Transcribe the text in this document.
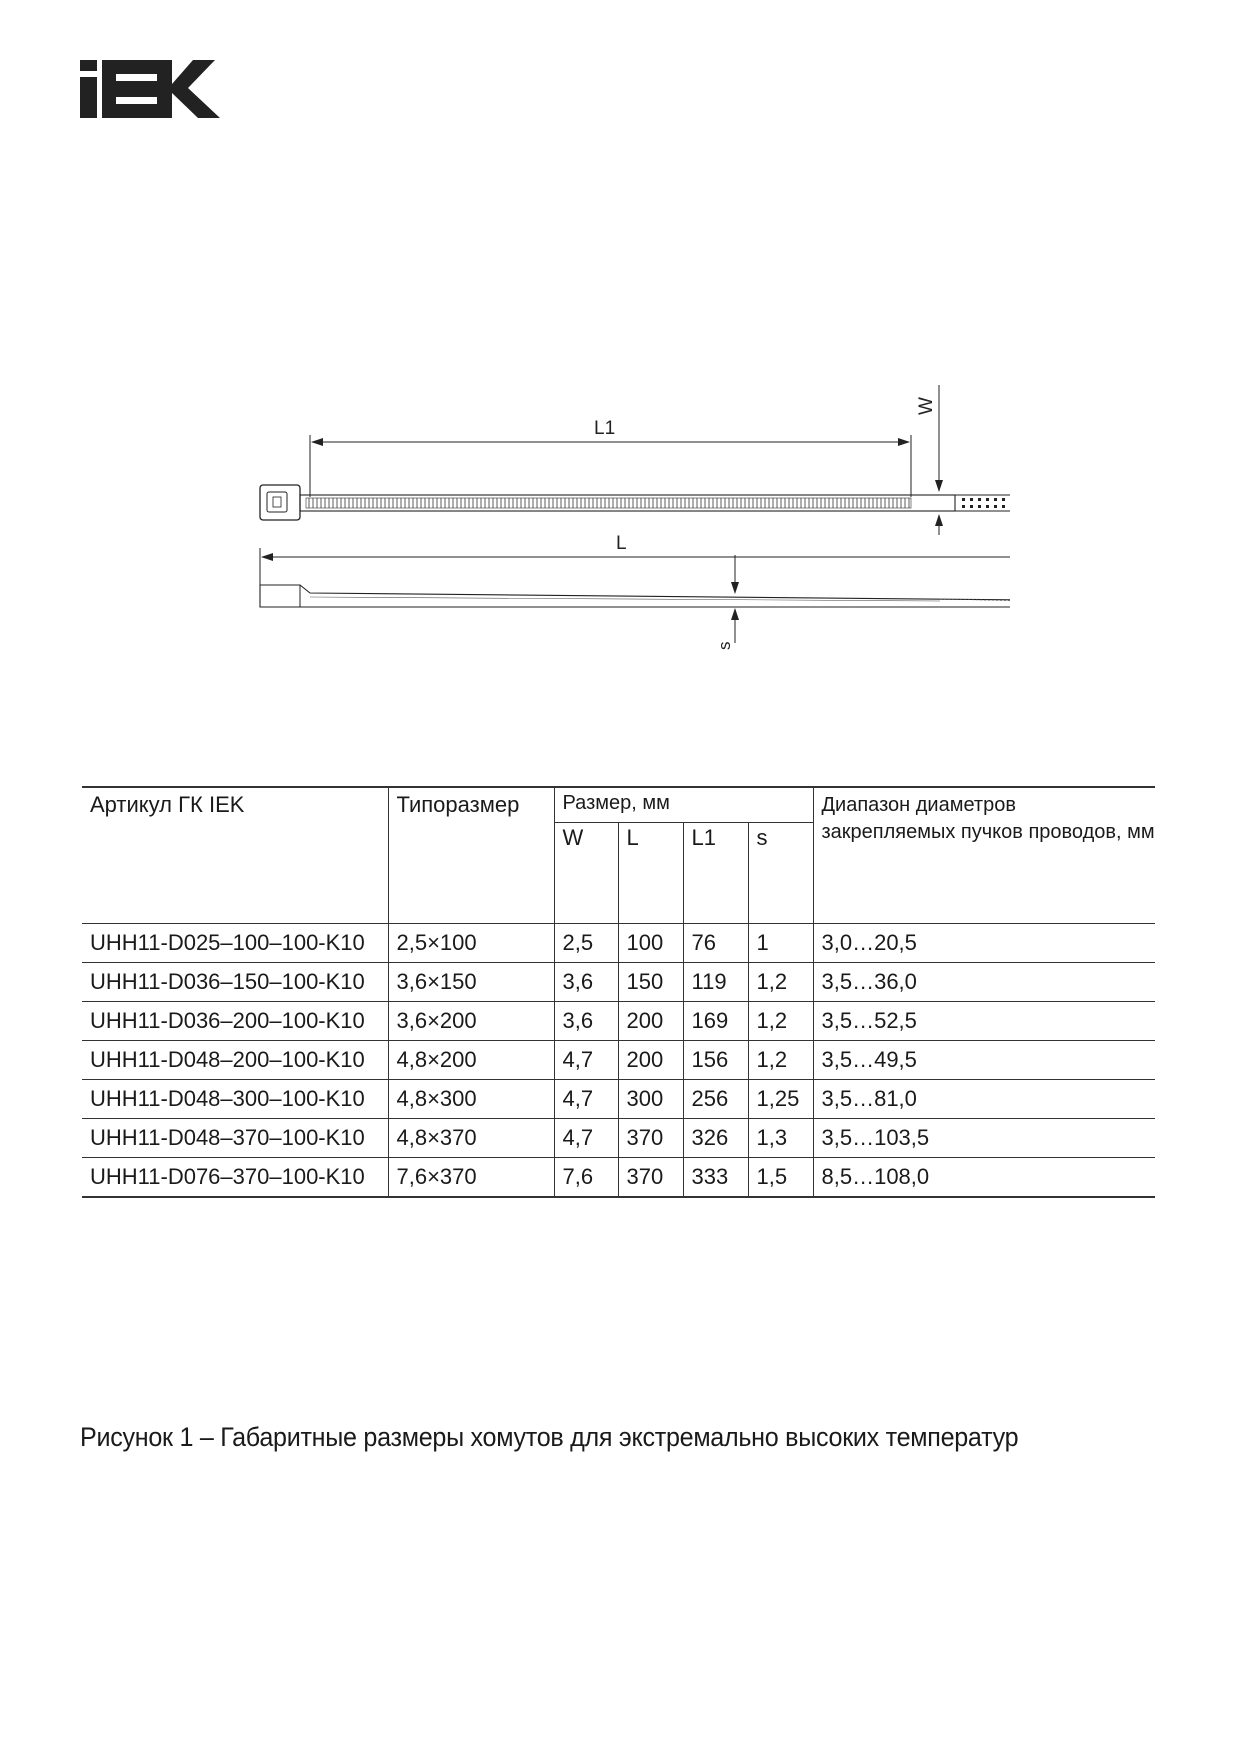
L1
W
L
s
Артикул ГК IEK	Типоразмер	Размер, мм				Диапазон диаметров закрепляемых пучков проводов, мм
		W	L	L1	s	
UHH11-D025–100–100-K10	2,5×100	2,5	100	76	1	3,0…20,5
UHH11-D036–150–100-K10	3,6×150	3,6	150	119	1,2	3,5…36,0
UHH11-D036–200–100-K10	3,6×200	3,6	200	169	1,2	3,5…52,5
UHH11-D048–200–100-K10	4,8×200	4,7	200	156	1,2	3,5…49,5
UHH11-D048–300–100-K10	4,8×300	4,7	300	256	1,25	3,5…81,0
UHH11-D048–370–100-K10	4,8×370	4,7	370	326	1,3	3,5…103,5
UHH11-D076–370–100-K10	7,6×370	7,6	370	333	1,5	8,5…108,0
Рисунок 1 – Габаритные размеры хомутов для экстремально высоких температур
